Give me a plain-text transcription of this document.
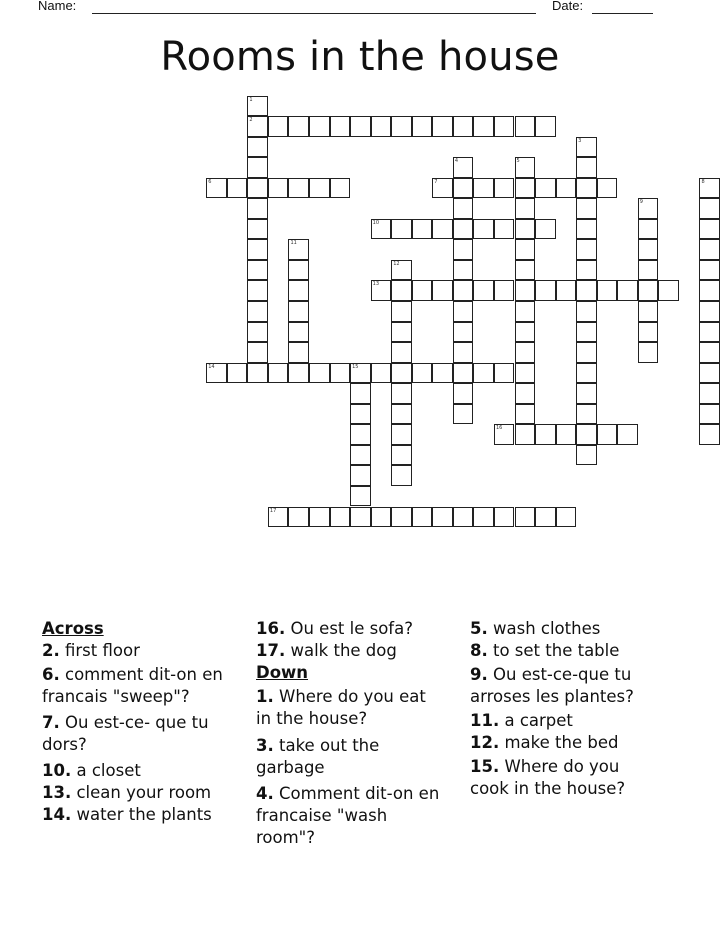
Name:	Date:
Rooms in the house
1
2
3
4	5
6	7	8
9
10
11
12
13
14	15
16
17
Across
2. first floor
6. comment dit-on en francais "sweep"?
7. Ou est-ce- que tu dors?
10. a closet
13. clean your room
14. water the plants
16. Ou est le sofa?
17. walk the dog
Down
1. Where do you eat in the house?
3. take out the garbage
4. Comment dit-on en francaise "wash room"?
5. wash clothes
8. to set the table
9. Ou est-ce-que tu arroses les plantes?
11. a carpet
12. make the bed
15. Where do you cook in the house?
